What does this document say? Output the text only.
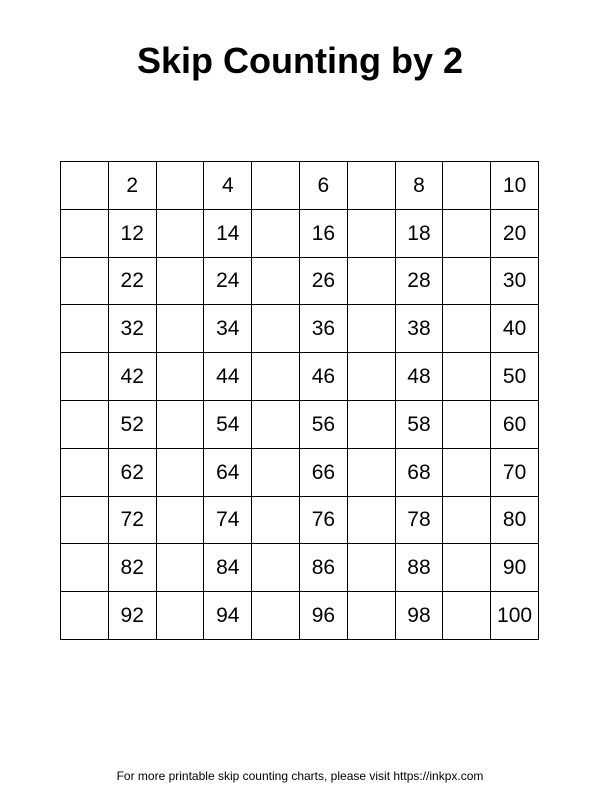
Skip Counting by 2
	2		4		6		8		10
	12		14		16		18		20
	22		24		26		28		30
	32		34		36		38		40
	42		44		46		48		50
	52		54		56		58		60
	62		64		66		68		70
	72		74		76		78		80
	82		84		86		88		90
	92		94		96		98		100
For more printable skip counting charts, please visit https://inkpx.com
